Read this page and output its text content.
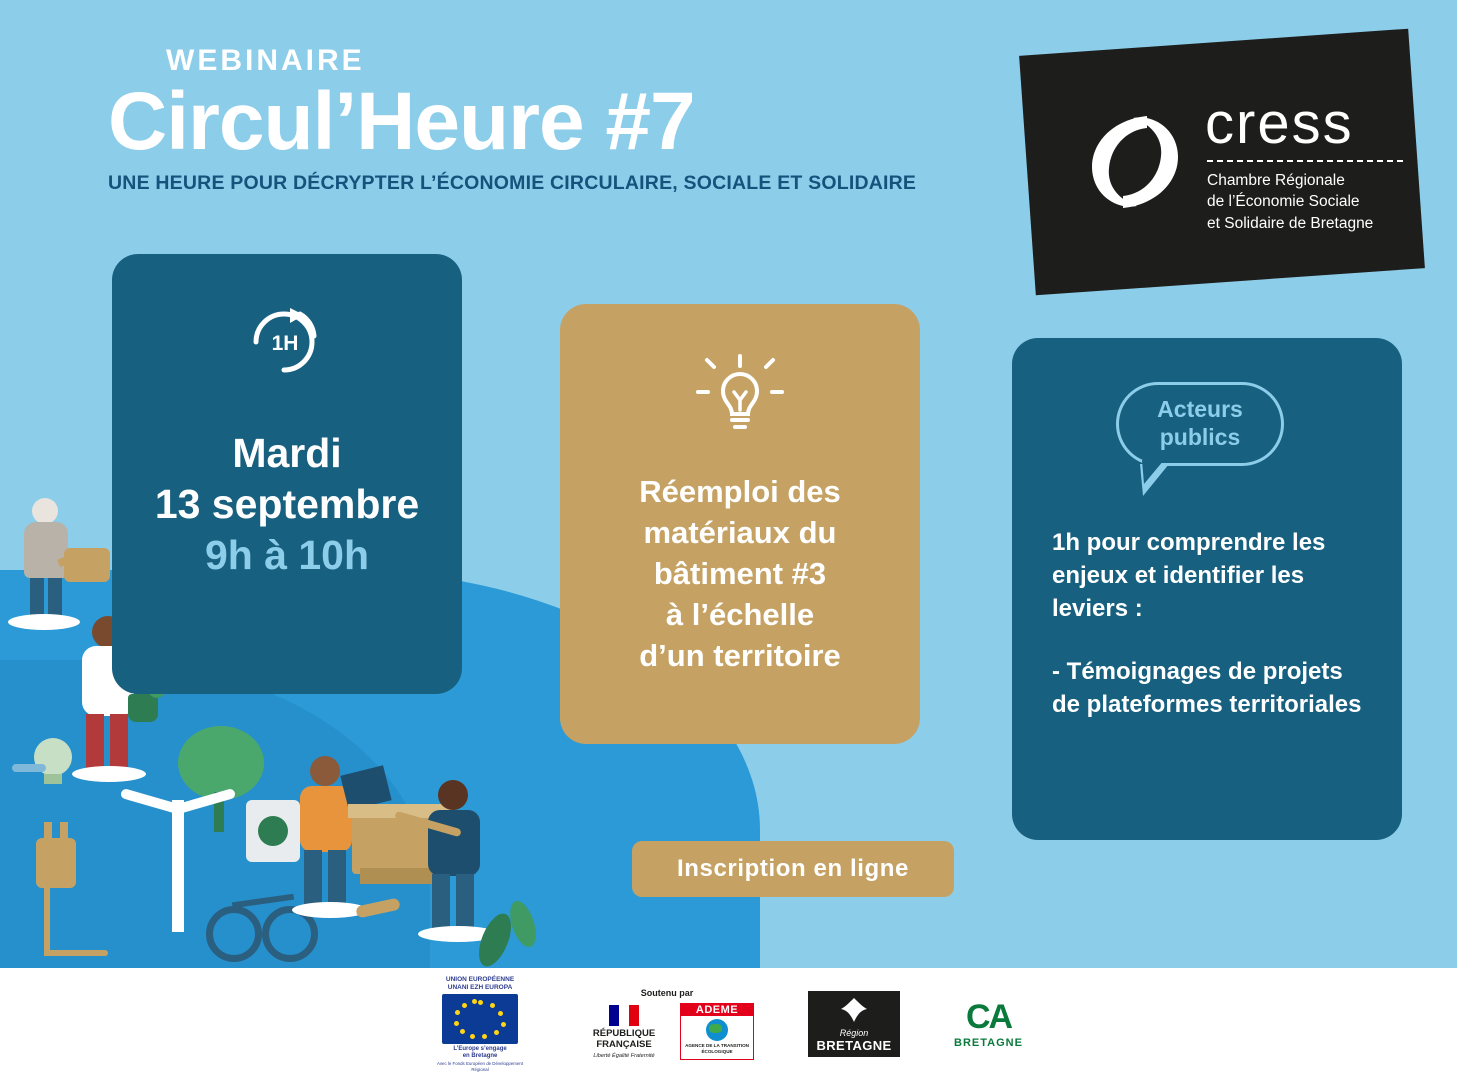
WEBINAIRE
Circul’Heure #7
UNE HEURE POUR DÉCRYPTER L’ÉCONOMIE CIRCULAIRE, SOCIALE ET SOLIDAIRE
cress
Chambre Régionale
de l’Économie Sociale
et Solidaire de Bretagne
1H
Mardi
13 septembre
9h à 10h
Réemploi des
matériaux du
bâtiment #3
à l’échelle
d’un territoire
Acteurs publics

1h pour comprendre les enjeux et identifier les leviers :

- Témoignages de projets de plateformes territoriales

Inscription en ligne
UNION EUROPÉENNE
UNANI EZH EUROPA
L’Europe s’engage
en Bretagne
Avec le Fonds Européen de Développement Régional
Soutenu par
RÉPUBLIQUE FRANÇAISE
Liberté Égalité Fraternité
ADEME
AGENCE DE LA TRANSITION ÉCOLOGIQUE
Région
BRETAGNE
CA
BRETAGNE
